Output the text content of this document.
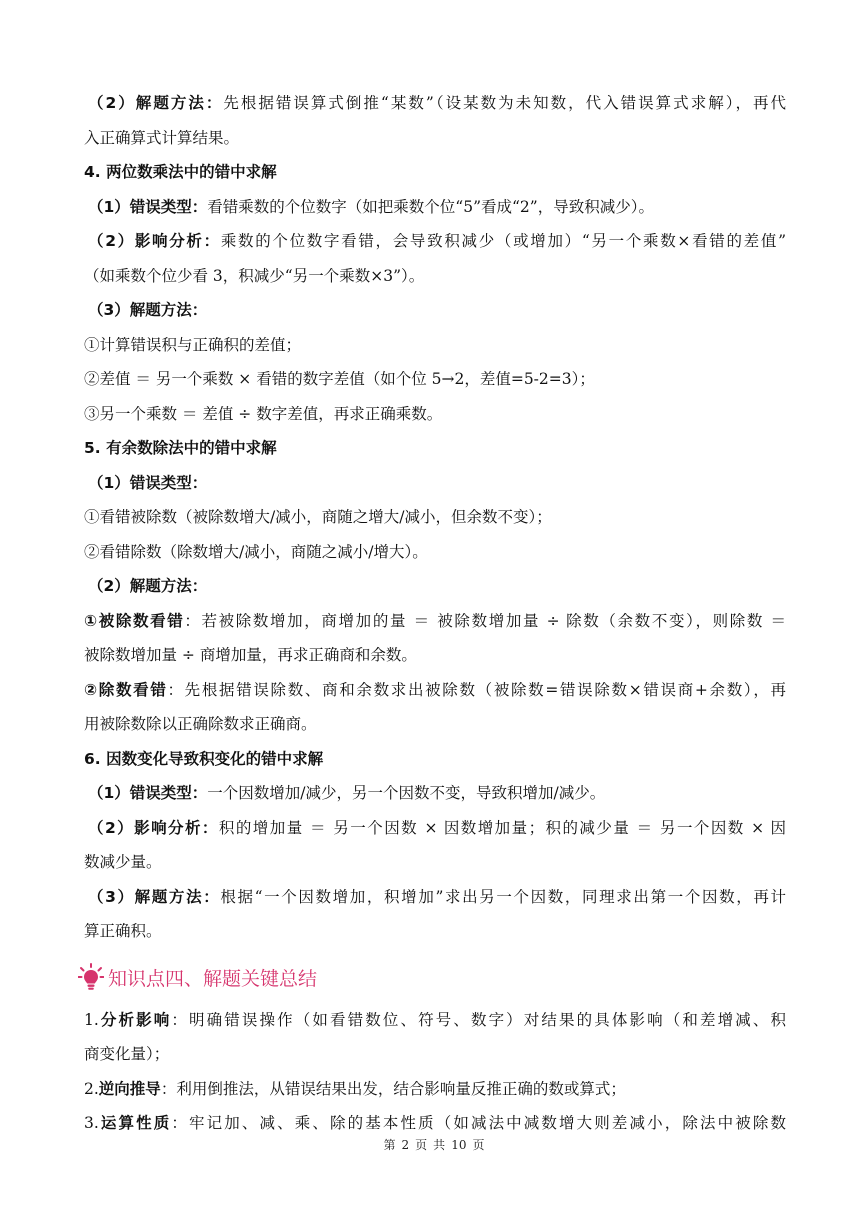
（2）解题方法：先根据错误算式倒推“某数”（设某数为未知数，代入错误算式求解），再代
入正确算式计算结果。
4. 两位数乘法中的错中求解
（1）错误类型：看错乘数的个位数字（如把乘数个位“5”看成“2”，导致积减少）。
（2）影响分析：乘数的个位数字看错，会导致积减少（或增加）“另一个乘数×看错的差值”
（如乘数个位少看 3，积减少“另一个乘数×3”）。
（3）解题方法：
①计算错误积与正确积的差值；
②差值 ＝ 另一个乘数 × 看错的数字差值（如个位 5→2，差值=5-2=3）；
③另一个乘数 ＝ 差值 ÷ 数字差值，再求正确乘数。
5. 有余数除法中的错中求解
（1）错误类型：
①看错被除数（被除数增大/减小，商随之增大/减小，但余数不变）；
②看错除数（除数增大/减小，商随之减小/增大）。
（2）解题方法：
①被除数看错：若被除数增加，商增加的量 ＝ 被除数增加量 ÷ 除数（余数不变），则除数 ＝
被除数增加量 ÷ 商增加量，再求正确商和余数。
②除数看错：先根据错误除数、商和余数求出被除数（被除数=错误除数×错误商+余数），再
用被除数除以正确除数求正确商。
6. 因数变化导致积变化的错中求解
（1）错误类型：一个因数增加/减少，另一个因数不变，导致积增加/减少。
（2）影响分析：积的增加量 ＝ 另一个因数 × 因数增加量；积的减少量 ＝ 另一个因数 × 因
数减少量。
（3）解题方法：根据“一个因数增加，积增加”求出另一个因数，同理求出第一个因数，再计
算正确积。
知识点四、解题关键总结
1.分析影响：明确错误操作（如看错数位、符号、数字）对结果的具体影响（和差增减、积
商变化量）；
2.逆向推导：利用倒推法，从错误结果出发，结合影响量反推正确的数或算式；
3.运算性质：牢记加、减、乘、除的基本性质（如减法中减数增大则差减小，除法中被除数
第 2 页 共 10 页
